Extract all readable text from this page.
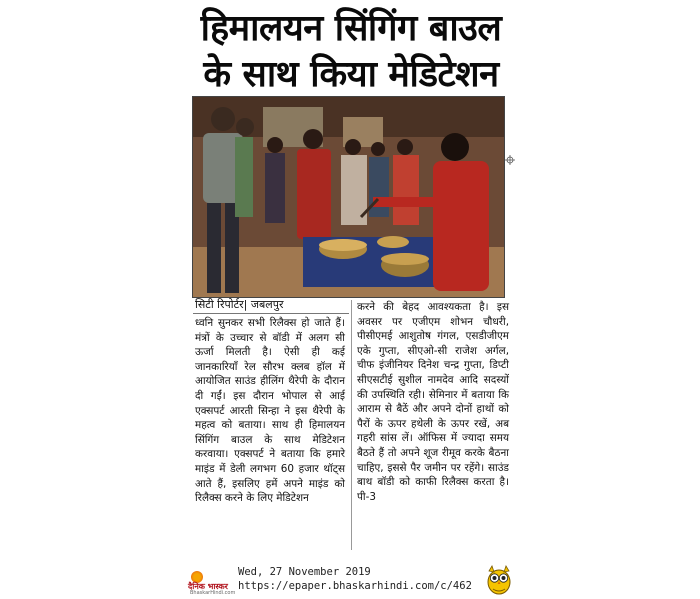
हिमालयन सिंगिंग बाउल
के साथ किया मेडिटेशन
सिटी रिपोर्टर| जबलपुर

ध्वनि सुनकर सभी रिलैक्स हो जाते हैं। मंत्रों के उच्चार से बॉडी में अलग सी ऊर्जा मिलती है। ऐसी ही कई जानकारियाँ रेल सौरभ क्लब हॉल में आयोजित साउंड हीलिंग थैरेपी के दौरान दी गईं। इस दौरान भोपाल से आई एक्सपर्ट आरती सिन्हा ने इस थैरेपी के महत्व को बताया। साथ ही हिमालयन सिंगिंग बाउल के साथ मेडिटेशन करवाया। एक्सपर्ट ने बताया कि हमारे माइंड में डेली लगभग 60 हजार थॉट्स आते हैं, इसलिए हमें अपने माइंड को रिलैक्स करने के लिए मेडिटेशन

करने की बेहद आवश्यकता है। इस अवसर पर एजीएम शोभन चौधरी, पीसीएमई आशुतोष गंगल, एसडीजीएम एके गुप्ता, सीएओ-सी राजेश अर्गल, चीफ इंजीनियर दिनेश चन्द्र गुप्ता, डिप्टी सीएसटीई सुशील नामदेव आदि सदस्यों की उपस्थिति रही। सेमिनार में बताया कि आराम से बैठें और अपने दोनों हाथों को पैरों के ऊपर हथेली के ऊपर रखें, अब गहरी सांस लें। ऑफिस में ज्यादा समय बैठते हैं तो अपने शूज रीमूव करके बैठना चाहिए, इससे पैर जमीन पर रहेंगे। साउंड बाथ बॉडी को काफी रिलैक्स करता है।पी-3

दैनिक भास्कर
BhaskarHindi.com
Wed, 27 November 2019
https://epaper.bhaskarhindi.com/c/462
